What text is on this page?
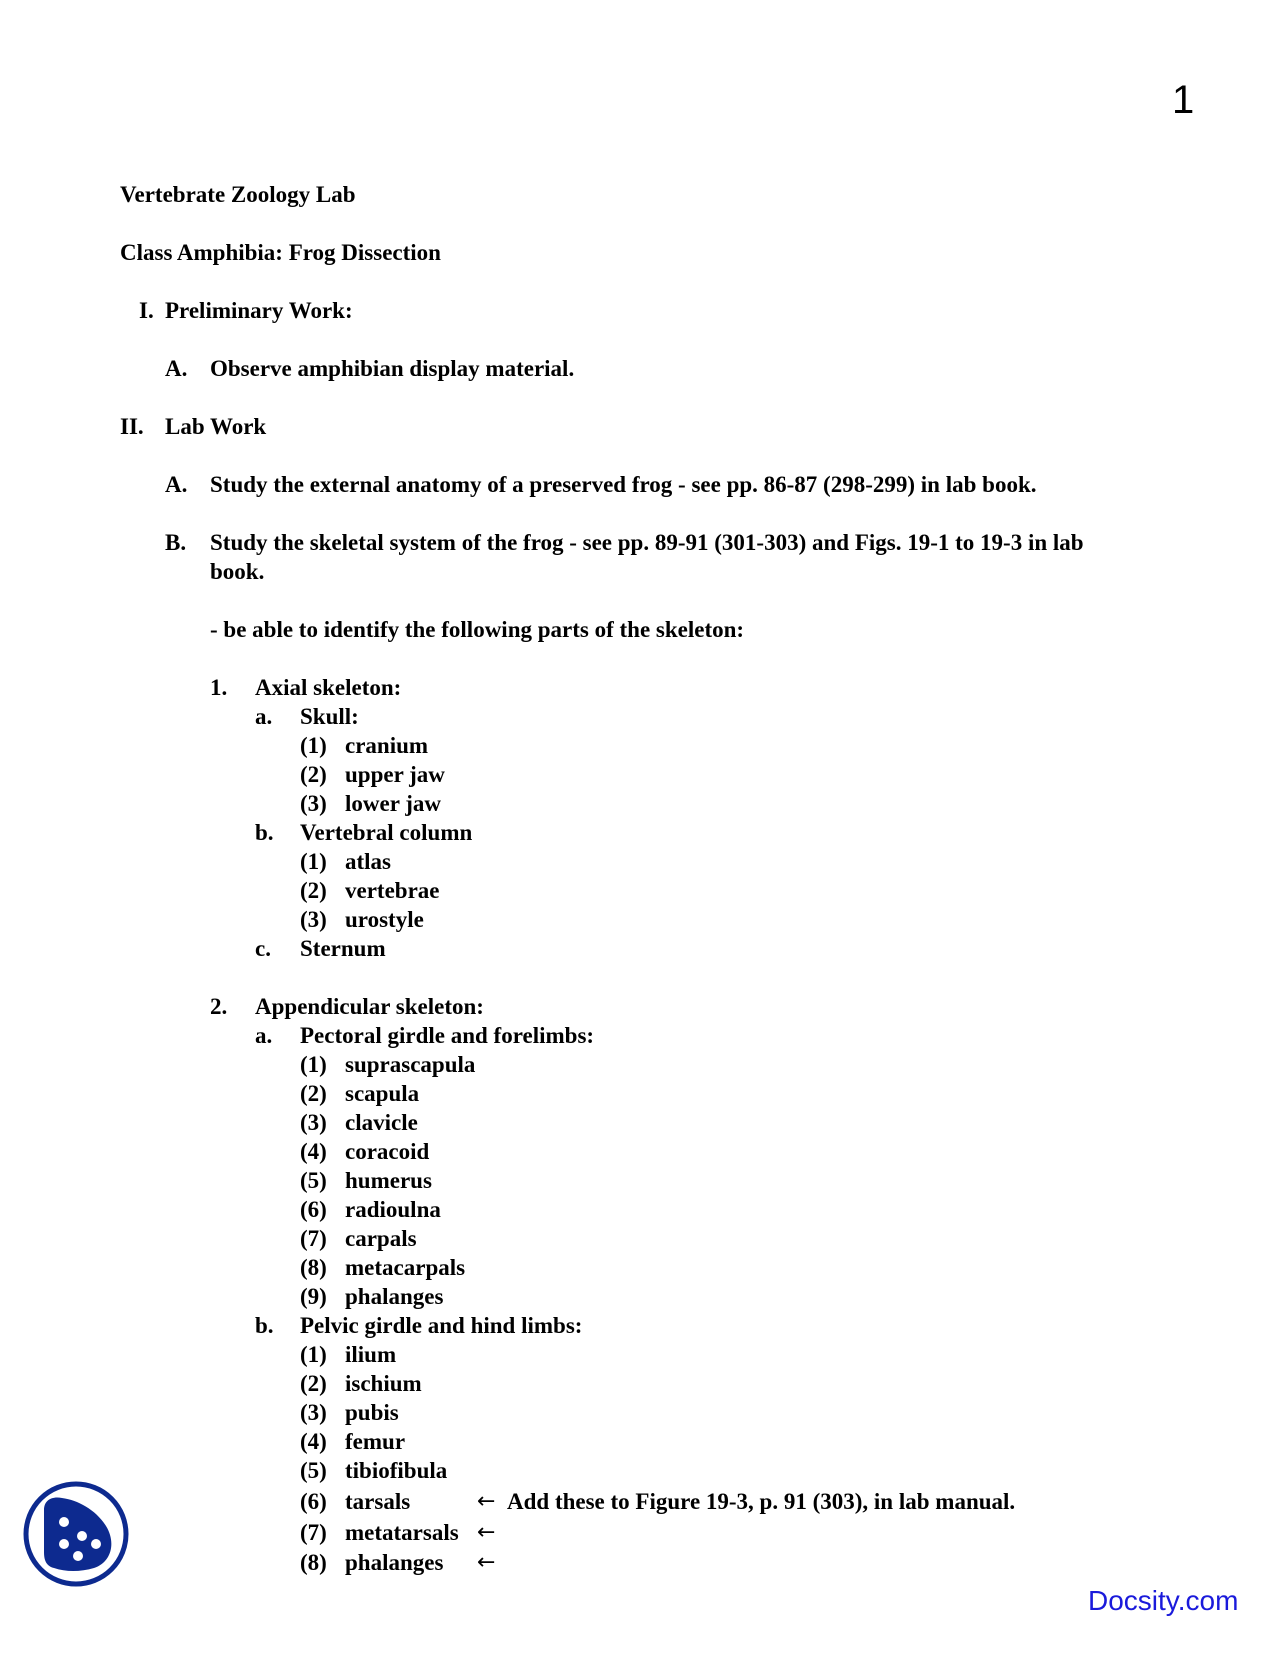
1
Vertebrate Zoology Lab
Class Amphibia: Frog Dissection
I. Preliminary Work:
A. Observe amphibian display material.
II. Lab Work
A. Study the external anatomy of a preserved frog - see pp. 86-87 (298-299) in lab book.
B. Study the skeletal system of the frog - see pp. 89-91 (301-303) and Figs. 19-1 to 19-3 in lab
book.
- be able to identify the following parts of the skeleton:
1. Axial skeleton:
a. Skull:
(1) cranium
(2) upper jaw
(3) lower jaw
b. Vertebral column
(1) atlas
(2) vertebrae
(3) urostyle
c. Sternum
2. Appendicular skeleton:
a. Pectoral girdle and forelimbs:
(1) suprascapula
(2) scapula
(3) clavicle
(4) coracoid
(5) humerus
(6) radioulna
(7) carpals
(8) metacarpals
(9) phalanges
b. Pelvic girdle and hind limbs:
(1) ilium
(2) ischium
(3) pubis
(4) femur
(5) tibiofibula
(6) tarsals
(7) metatarsals
(8) phalanges
← Add these to Figure 19-3, p. 91 (303), in lab manual.
←
←
Docsity.com
